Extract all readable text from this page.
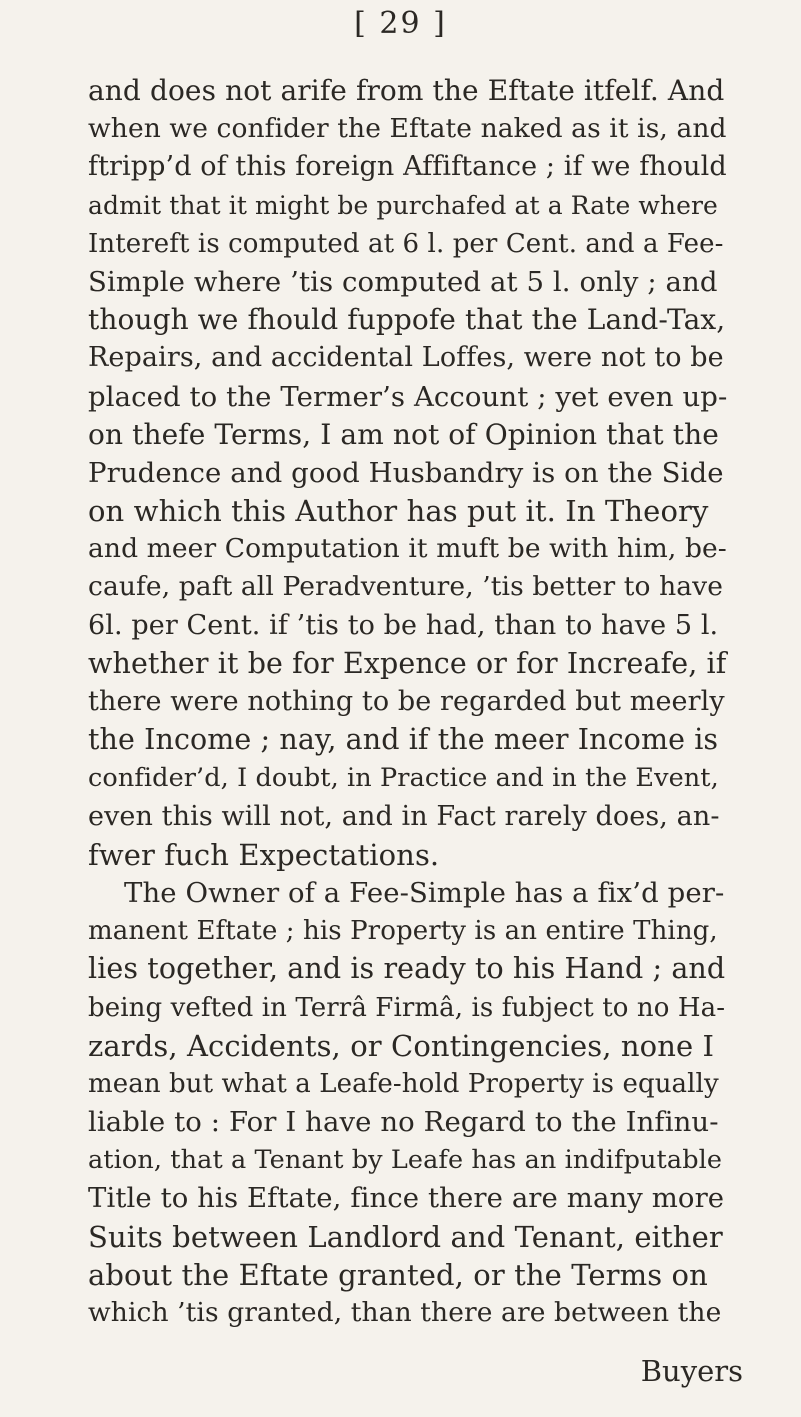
[ 29 ]
and does not arife from the Eftate itfelf. And
when we confider the Eftate naked as it is, and
ftripp’d of this foreign Affiftance ; if we fhould
admit that it might be purchafed at a Rate where
Intereft is computed at 6 l. per Cent. and a Fee-
Simple where ’tis computed at 5 l. only ; and
though we fhould fuppofe that the Land-Tax,
Repairs, and accidental Loffes, were not to be
placed to the Termer’s Account ; yet even up-
on thefe Terms, I am not of Opinion that the
Prudence and good Husbandry is on the Side
on which this Author has put it. In Theory
and meer Computation it muft be with him, be-
caufe, paft all Peradventure, ’tis better to have
6l. per Cent. if ’tis to be had, than to have 5 l.
whether it be for Expence or for Increafe, if
there were nothing to be regarded but meerly
the Income ; nay, and if the meer Income is
confider’d, I doubt, in Practice and in the Event,
even this will not, and in Fact rarely does, an-
fwer fuch Expectations.
The Owner of a Fee-Simple has a fix’d per-
manent Eftate ; his Property is an entire Thing,
lies together, and is ready to his Hand ; and
being vefted in Terrâ Firmâ, is fubject to no Ha-
zards, Accidents, or Contingencies, none I
mean but what a Leafe-hold Property is equally
liable to : For I have no Regard to the Infinu-
ation, that a Tenant by Leafe has an indifputable
Title to his Eftate, fince there are many more
Suits between Landlord and Tenant, either
about the Eftate granted, or the Terms on
which ’tis granted, than there are between the
Buyers
